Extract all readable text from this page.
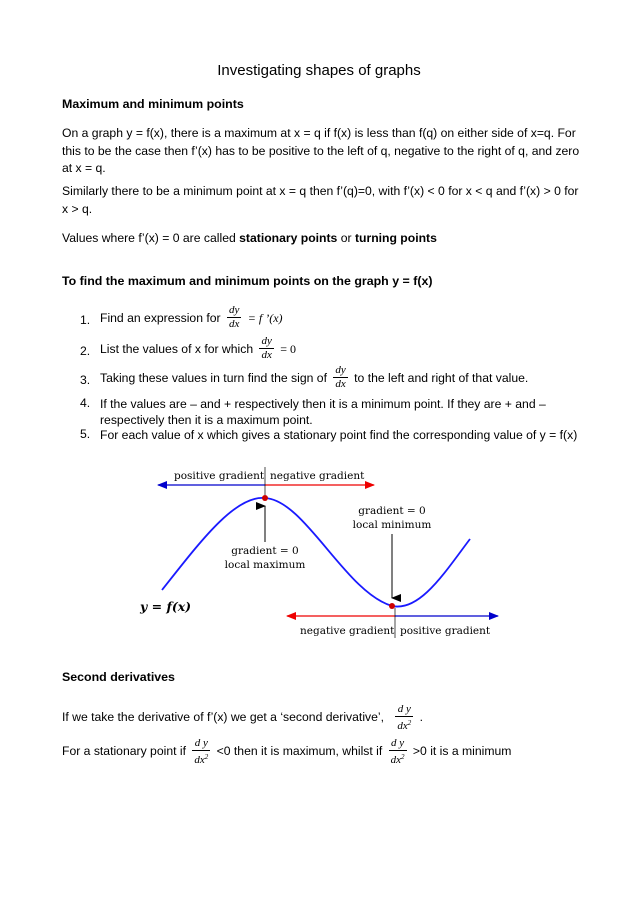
Investigating shapes of graphs
Maximum and minimum points
On a graph y = f(x), there is a maximum at x = q if f(x) is less than f(q) on either side of x=q. For this to be the case then f’(x) has to be positive to the left of q, negative to the right of q, and zero at x = q.
Similarly there to be a minimum point at x = q then f’(q)=0, with f’(x) < 0 for x < q and f’(x) > 0 for x > q.
Values where f’(x) = 0 are called stationary points or turning points
To find the maximum and minimum points on the graph y = f(x)
1. Find an expression for $\frac{dy}{dx} = f$ ’(x)
2. List the values of x for which $\frac{dy}{dx} = 0$
3. Taking these values in turn find the sign of $\frac{dy}{dx}$ to the left and right of that value.
4. If the values are – and + respectively then it is a minimum point. If they are + and – respectively then it is a maximum point.
5. For each value of x which gives a stationary point find the corresponding value of y = f(x)
positive gradient negative gradient
gradient = 0
local maximum
gradient = 0
local minimum
y = f(x)
negative gradient positive gradient
Second derivatives
If we take the derivative of f’(x) we get a ‘second derivative’, $\frac{\text{d y}}{dx^2}$ .
For a stationary point if $\frac{\text{d y}}{dx^2} <0$ then it is maximum, whilst if $\frac{\text{d y}}{dx^2} >0$ it is a minimum
